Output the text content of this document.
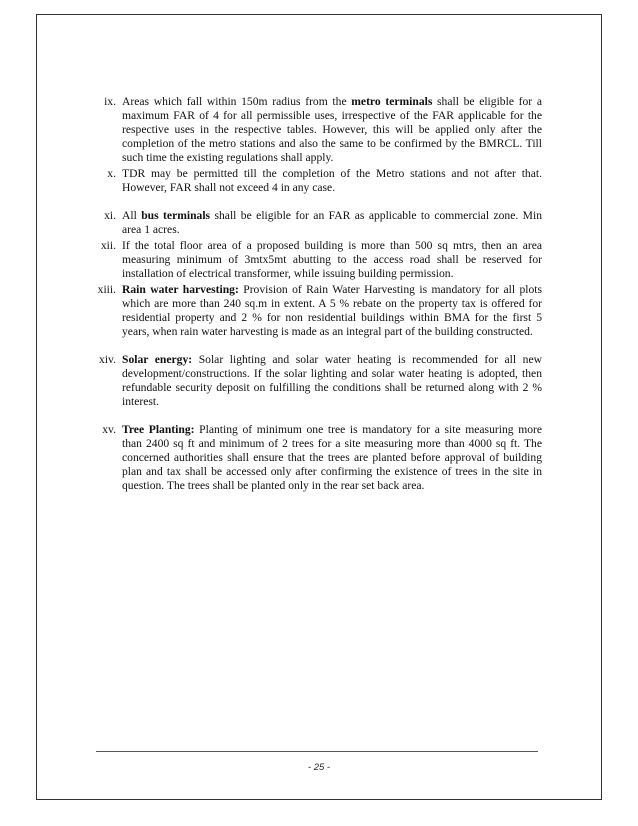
ix. Areas which fall within 150m radius from the metro terminals shall be eligible for a maximum FAR of 4 for all permissible uses, irrespective of the FAR applicable for the respective uses in the respective tables. However, this will be applied only after the completion of the metro stations and also the same to be confirmed by the BMRCL. Till such time the existing regulations shall apply.
x. TDR may be permitted till the completion of the Metro stations and not after that. However, FAR shall not exceed 4 in any case.
xi. All bus terminals shall be eligible for an FAR as applicable to commercial zone. Min area 1 acres.
xii. If the total floor area of a proposed building is more than 500 sq mtrs, then an area measuring minimum of 3mtx5mt abutting to the access road shall be reserved for installation of electrical transformer, while issuing building permission.
xiii. Rain water harvesting: Provision of Rain Water Harvesting is mandatory for all plots which are more than 240 sq.m in extent. A 5 % rebate on the property tax is offered for residential property and 2 % for non residential buildings within BMA for the first 5 years, when rain water harvesting is made as an integral part of the building constructed.
xiv. Solar energy: Solar lighting and solar water heating is recommended for all new development/constructions. If the solar lighting and solar water heating is adopted, then refundable security deposit on fulfilling the conditions shall be returned along with 2 % interest.
xv. Tree Planting: Planting of minimum one tree is mandatory for a site measuring more than 2400 sq ft and minimum of 2 trees for a site measuring more than 4000 sq ft. The concerned authorities shall ensure that the trees are planted before approval of building plan and tax shall be accessed only after confirming the existence of trees in the site in question. The trees shall be planted only in the rear set back area.
- 25 -
